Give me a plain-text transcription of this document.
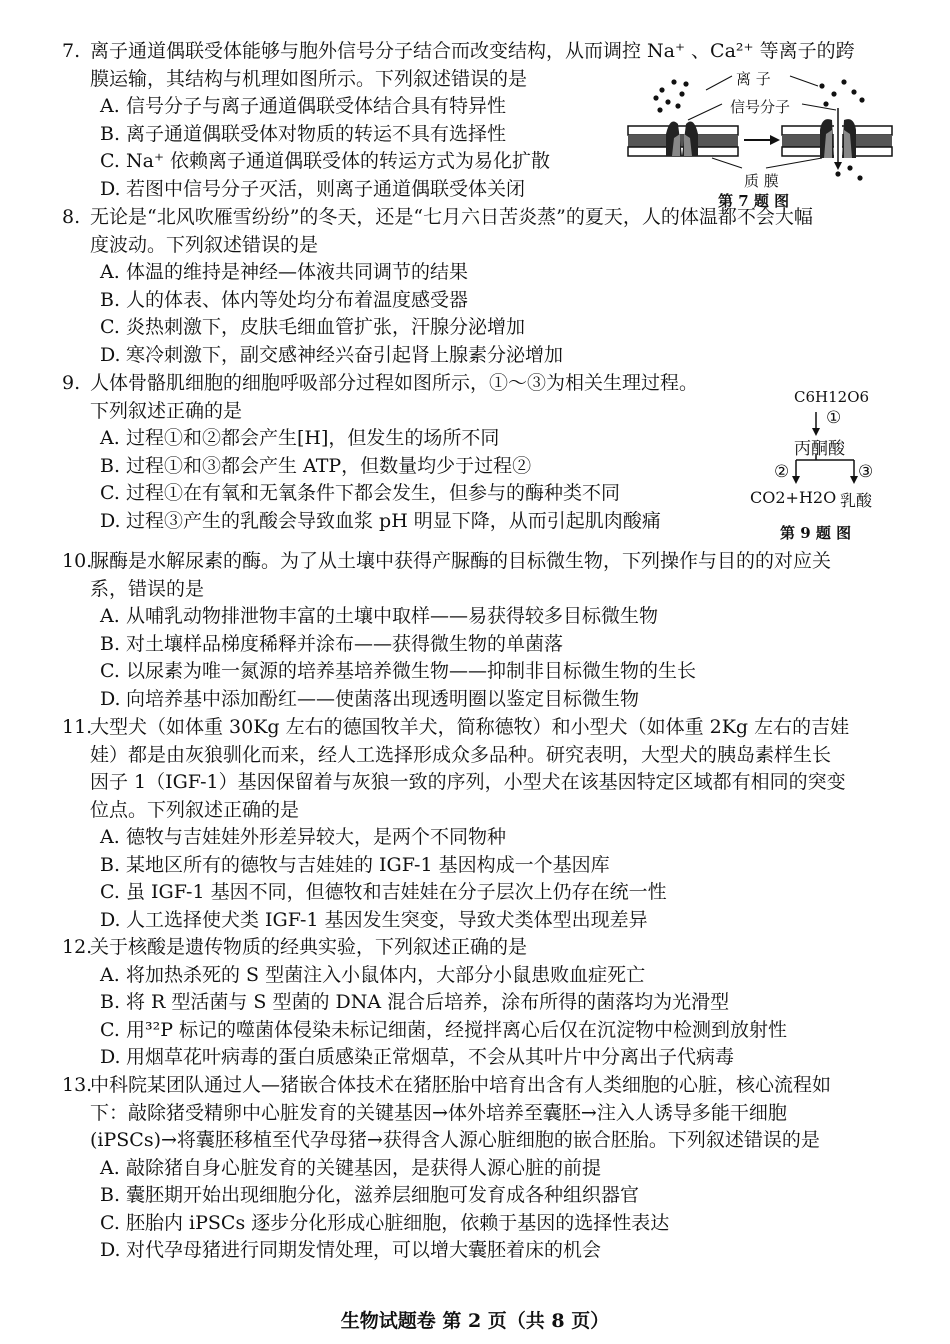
7. 离子通道偶联受体能够与胞外信号分子结合而改变结构，从而调控 Na⁺ 、Ca²⁺ 等离子的跨

膜运输，其结构与机理如图所示。下列叙述错误的是
A. 信号分子与离子通道偶联受体结合具有特异性
B. 离子通道偶联受体对物质的转运不具有选择性
C. Na⁺ 依赖离子通道偶联受体的转运方式为易化扩散
D. 若图中信号分子灭活，则离子通道偶联受体关闭
离 子
信号分子
质 膜
第 7 题 图

8. 无论是“北风吹雁雪纷纷”的冬天，还是“七月六日苦炎蒸”的夏天，人的体温都不会大幅

度波动。下列叙述错误的是
A. 体温的维持是神经—体液共同调节的结果
B. 人的体表、体内等处均分布着温度感受器
C. 炎热刺激下，皮肤毛细血管扩张，汗腺分泌增加
D. 寒冷刺激下，副交感神经兴奋引起肾上腺素分泌增加

9. 人体骨骼肌细胞的细胞呼吸部分过程如图所示，①～③为相关生理过程。

下列叙述正确的是
A. 过程①和②都会产生[H]，但发生的场所不同
B. 过程①和③都会产生 ATP，但数量均少于过程②
C. 过程①在有氧和无氧条件下都会发生，但参与的酶种类不同
D. 过程③产生的乳酸会导致血浆 pH 明显下降，从而引起肌肉酸痛
C6H12O6
①
丙酮酸
②	③
CO2+H2O 乳酸
第 9 题 图

10.脲酶是水解尿素的酶。为了从土壤中获得产脲酶的目标微生物，下列操作与目的的对应关

系，错误的是
A. 从哺乳动物排泄物丰富的土壤中取样——易获得较多目标微生物
B. 对土壤样品梯度稀释并涂布——获得微生物的单菌落
C. 以尿素为唯一氮源的培养基培养微生物——抑制非目标微生物的生长
D. 向培养基中添加酚红——使菌落出现透明圈以鉴定目标微生物

11.大型犬（如体重 30Kg 左右的德国牧羊犬，简称德牧）和小型犬（如体重 2Kg 左右的吉娃

娃）都是由灰狼驯化而来，经人工选择形成众多品种。研究表明，大型犬的胰岛素样生长
因子 1（IGF-1）基因保留着与灰狼一致的序列，小型犬在该基因特定区域都有相同的突变
位点。下列叙述正确的是
A. 德牧与吉娃娃外形差异较大，是两个不同物种
B. 某地区所有的德牧与吉娃娃的 IGF-1 基因构成一个基因库
C. 虽 IGF-1 基因不同，但德牧和吉娃娃在分子层次上仍存在统一性
D. 人工选择使犬类 IGF-1 基因发生突变，导致犬类体型出现差异

12.关于核酸是遗传物质的经典实验，下列叙述正确的是

A. 将加热杀死的 S 型菌注入小鼠体内，大部分小鼠患败血症死亡
B. 将 R 型活菌与 S 型菌的 DNA 混合后培养，涂布所得的菌落均为光滑型
C. 用³²P 标记的噬菌体侵染未标记细菌，经搅拌离心后仅在沉淀物中检测到放射性
D. 用烟草花叶病毒的蛋白质感染正常烟草，不会从其叶片中分离出子代病毒

13.中科院某团队通过人—猪嵌合体技术在猪胚胎中培育出含有人类细胞的心脏，核心流程如

下：敲除猪受精卵中心脏发育的关键基因→体外培养至囊胚→注入人诱导多能干细胞
(iPSCs)→将囊胚移植至代孕母猪→获得含人源心脏细胞的嵌合胚胎。下列叙述错误的是
A. 敲除猪自身心脏发育的关键基因，是获得人源心脏的前提
B. 囊胚期开始出现细胞分化，滋养层细胞可发育成各种组织器官
C. 胚胎内 iPSCs 逐步分化形成心脏细胞，依赖于基因的选择性表达
D. 对代孕母猪进行同期发情处理，可以增大囊胚着床的机会
生物试题卷 第 2 页（共 8 页）
